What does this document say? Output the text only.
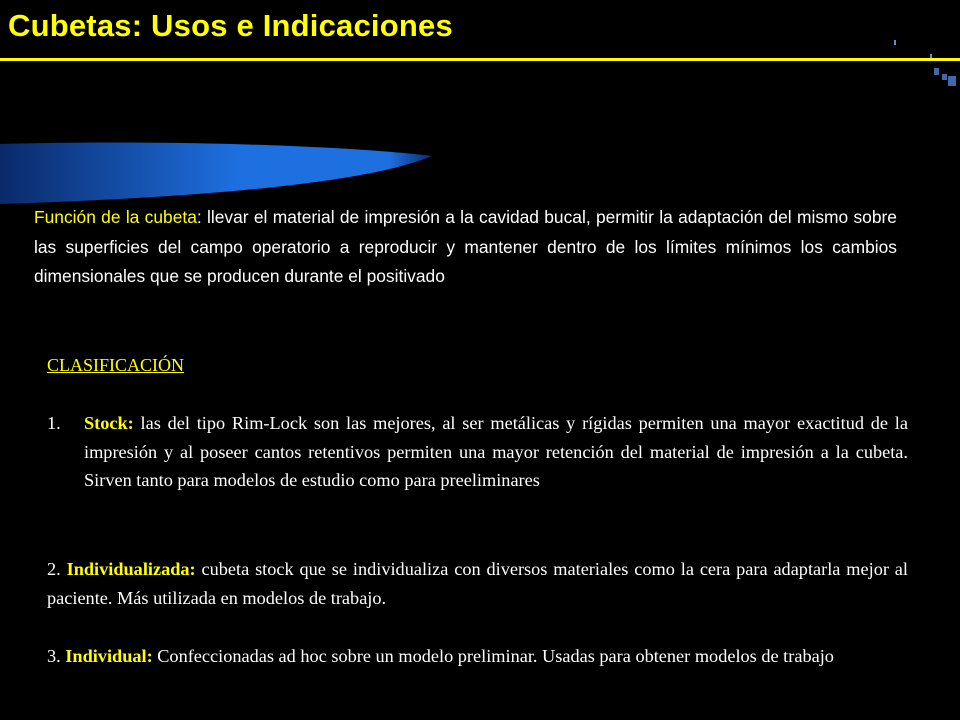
Cubetas: Usos e Indicaciones

Función de la cubeta: llevar el material de impresión a la cavidad bucal, permitir la adaptación del mismo sobre las superficies del campo operatorio a reproducir y mantener dentro de los límites mínimos los cambios dimensionales que se producen durante el positivado

CLASIFICACIÓN
1. Stock: las del tipo Rim-Lock son las mejores, al ser metálicas y rígidas permiten una mayor exactitud de la impresión y al poseer cantos retentivos permiten una mayor retención del material de impresión a la cubeta. Sirven tanto para modelos de estudio como para preeliminares

2. Individualizada: cubeta stock que se individualiza con diversos materiales como la cera para adaptarla mejor al paciente. Más utilizada en modelos de trabajo.

3. Individual: Confeccionadas ad hoc sobre un modelo preliminar. Usadas para obtener modelos de trabajo
